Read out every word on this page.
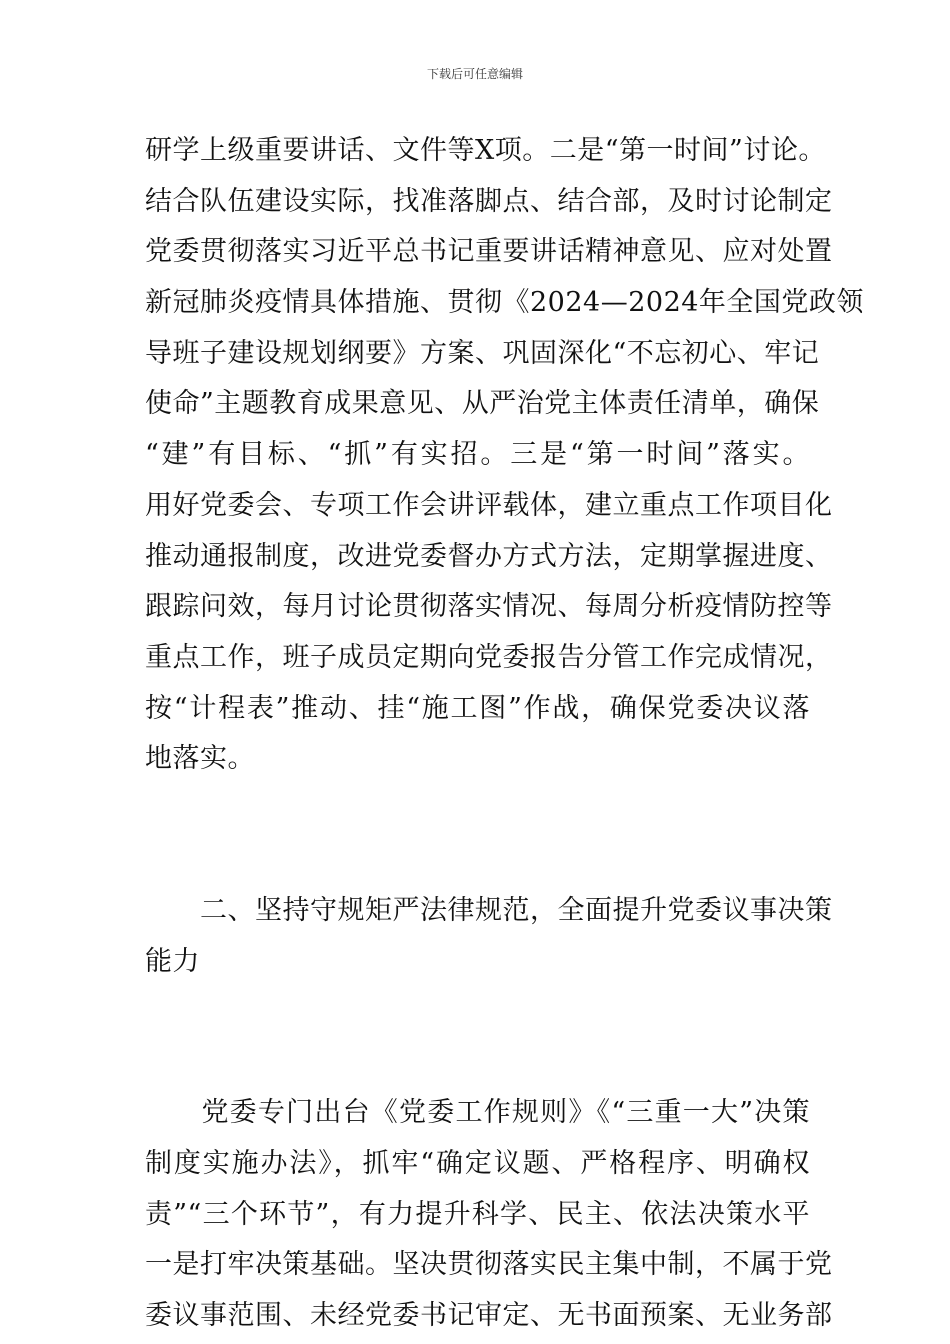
下载后可任意编辑
研学上级重要讲话、文件等X项。二是“第一时间”讨论。
结合队伍建设实际，找准落脚点、结合部，及时讨论制定
党委贯彻落实习近平总书记重要讲话精神意见、应对处置
新冠肺炎疫情具体措施、贯彻《2024—2024年全国党政领
导班子建设规划纲要》方案、巩固深化“不忘初心、牢记
使命”主题教育成果意见、从严治党主体责任清单，确保
“建”有目标、“抓”有实招。三是“第一时间”落实。
用好党委会、专项工作会讲评载体，建立重点工作项目化
推动通报制度，改进党委督办方式方法，定期掌握进度、
跟踪问效，每月讨论贯彻落实情况、每周分析疫情防控等
重点工作，班子成员定期向党委报告分管工作完成情况，
按“计程表”推动、挂“施工图”作战，确保党委决议落
地落实。
　　二、坚持守规矩严法律规范，全面提升党委议事决策
能力
　　党委专门出台《党委工作规则》《“三重一大”决策
制度实施办法》，抓牢“确定议题、严格程序、明确权
责”“三个环节”，有力提升科学、民主、依法决策水平
一是打牢决策基础。坚决贯彻落实民主集中制，不属于党
委议事范围、未经党委书记审定、无书面预案、无业务部
